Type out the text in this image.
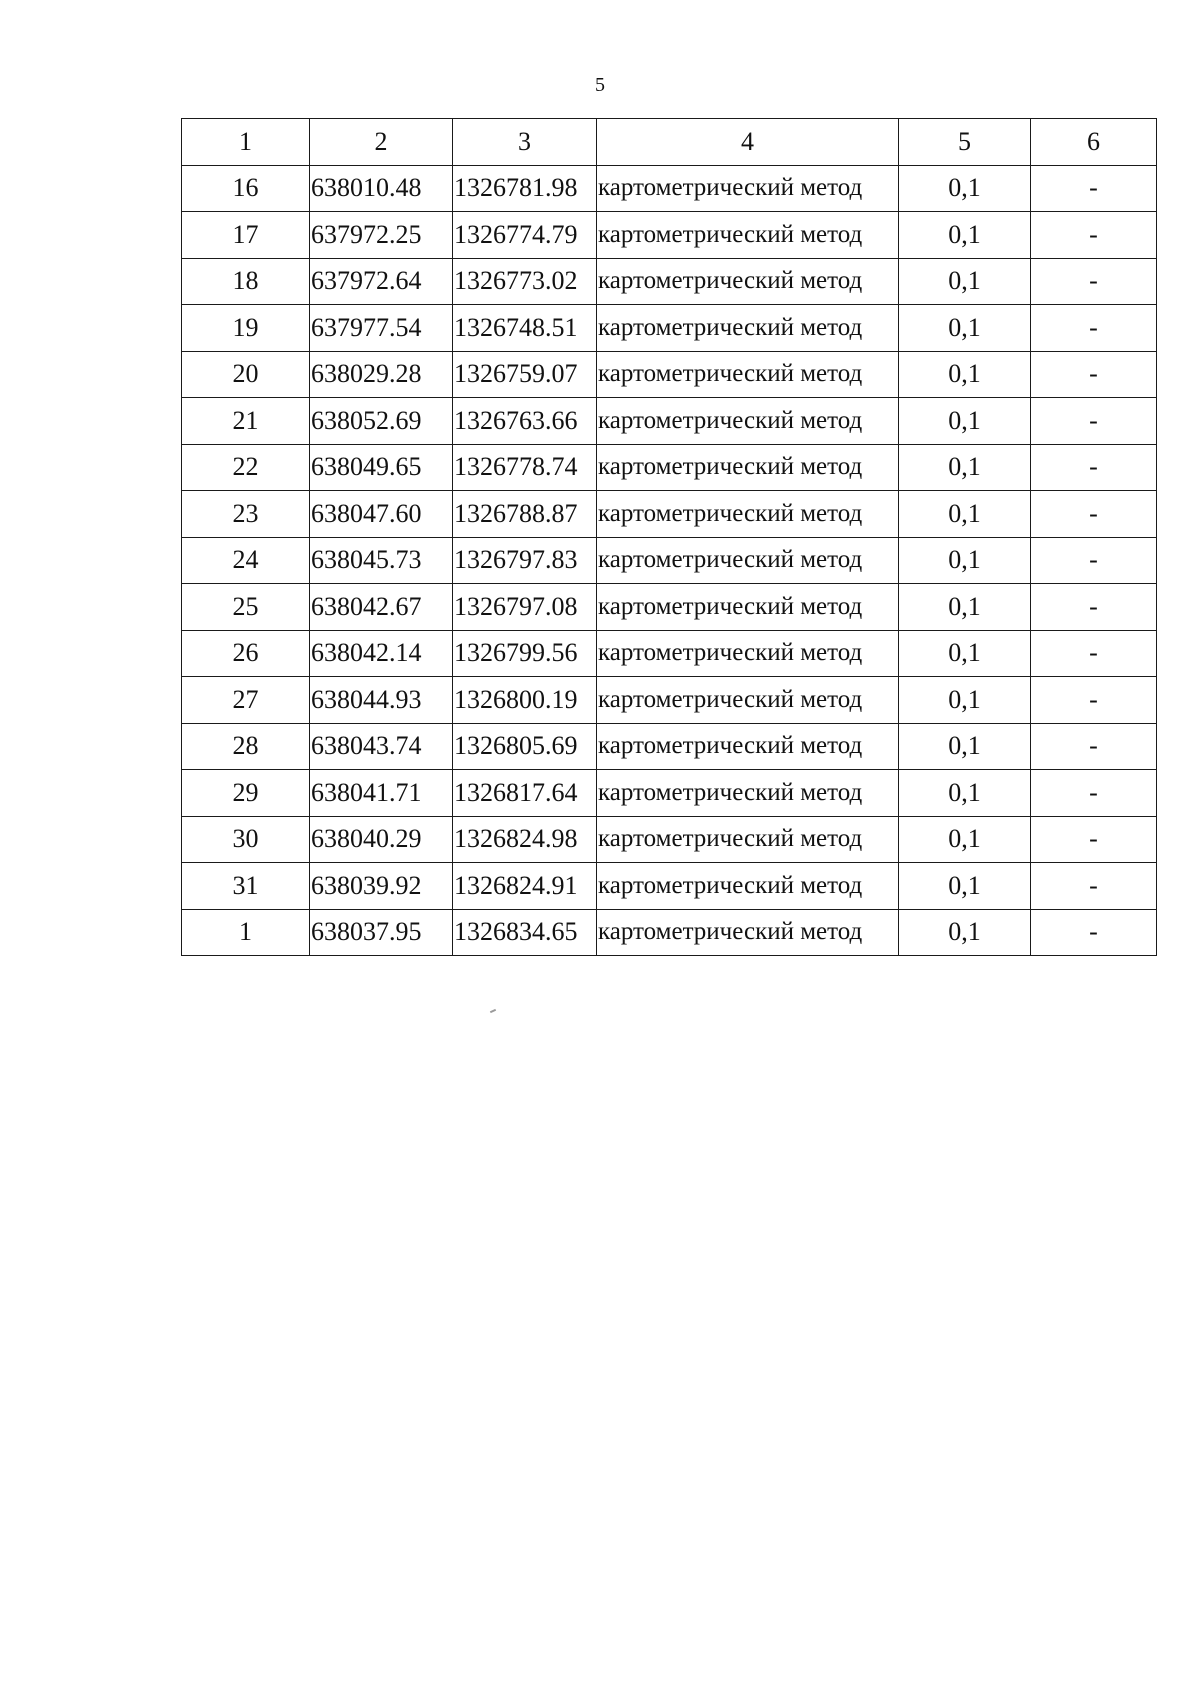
5
1	2	3	4	5	6
16	638010.48	1326781.98	картометрический метод	0,1	-
17	637972.25	1326774.79	картометрический метод	0,1	-
18	637972.64	1326773.02	картометрический метод	0,1	-
19	637977.54	1326748.51	картометрический метод	0,1	-
20	638029.28	1326759.07	картометрический метод	0,1	-
21	638052.69	1326763.66	картометрический метод	0,1	-
22	638049.65	1326778.74	картометрический метод	0,1	-
23	638047.60	1326788.87	картометрический метод	0,1	-
24	638045.73	1326797.83	картометрический метод	0,1	-
25	638042.67	1326797.08	картометрический метод	0,1	-
26	638042.14	1326799.56	картометрический метод	0,1	-
27	638044.93	1326800.19	картометрический метод	0,1	-
28	638043.74	1326805.69	картометрический метод	0,1	-
29	638041.71	1326817.64	картометрический метод	0,1	-
30	638040.29	1326824.98	картометрический метод	0,1	-
31	638039.92	1326824.91	картометрический метод	0,1	-
1	638037.95	1326834.65	картометрический метод	0,1	-
